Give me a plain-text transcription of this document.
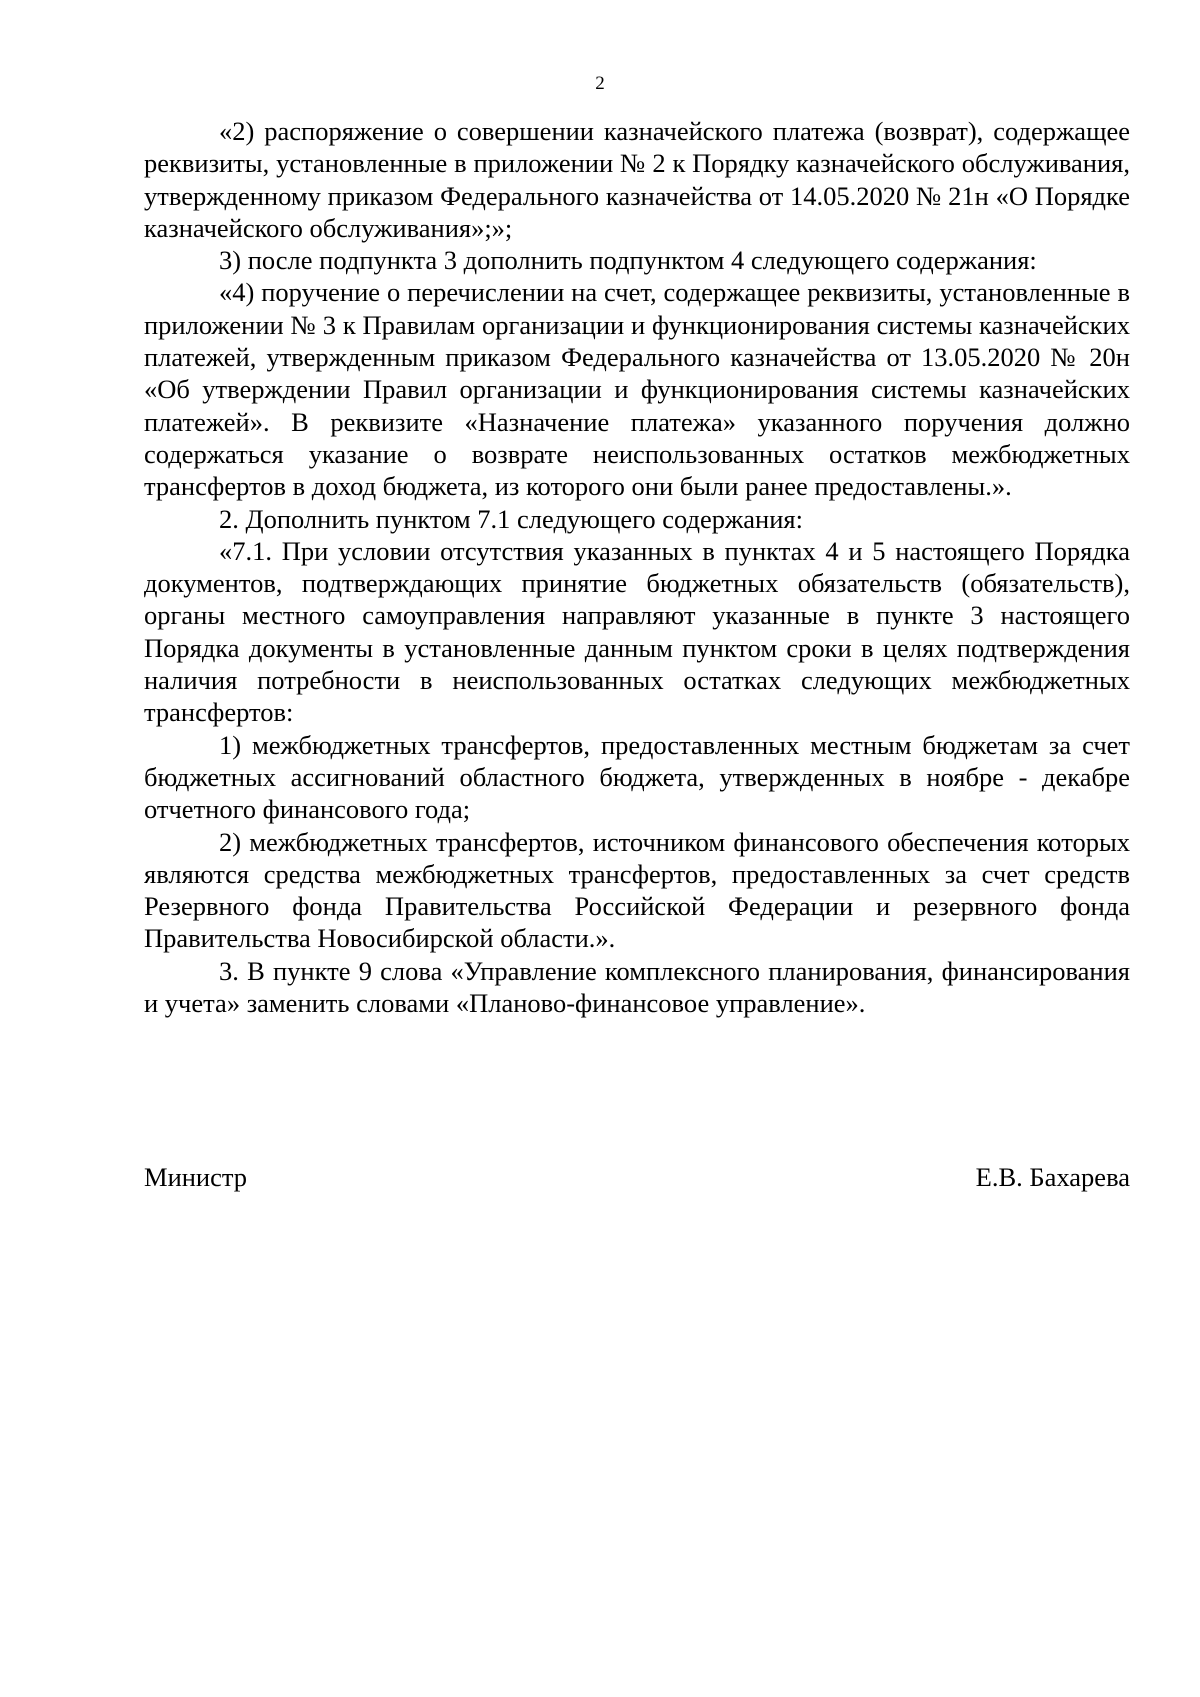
2

«2) распоряжение о совершении казначейского платежа (возврат), содержащее реквизиты, установленные в приложении № 2 к Порядку казначейского обслуживания, утвержденному приказом Федерального казначейства от 14.05.2020 № 21н «О Порядке казначейского обслуживания»;»;

3) после подпункта 3 дополнить подпунктом 4 следующего содержания:

«4) поручение о перечислении на счет, содержащее реквизиты, установленные в приложении № 3 к Правилам организации и функционирования системы казначейских платежей, утвержденным приказом Федерального казначейства от 13.05.2020 № 20н «Об утверждении Правил организации и функционирования системы казначейских платежей». В реквизите «Назначение платежа» указанного поручения должно содержаться указание о возврате неиспользованных остатков межбюджетных трансфертов в доход бюджета, из которого они были ранее предоставлены.».

2. Дополнить пунктом 7.1 следующего содержания:

«7.1. При условии отсутствия указанных в пунктах 4 и 5 настоящего Порядка документов, подтверждающих принятие бюджетных обязательств (обязательств), органы местного самоуправления направляют указанные в пункте 3 настоящего Порядка документы в установленные данным пунктом сроки в целях подтверждения наличия потребности в неиспользованных остатках следующих межбюджетных трансфертов:

1) межбюджетных трансфертов, предоставленных местным бюджетам за счет бюджетных ассигнований областного бюджета, утвержденных в ноябре - декабре отчетного финансового года;

2) межбюджетных трансфертов, источником финансового обеспечения которых являются средства межбюджетных трансфертов, предоставленных за счет средств Резервного фонда Правительства Российской Федерации и резервного фонда Правительства Новосибирской области.».

3. В пункте 9 слова «Управление комплексного планирования, финансирования и учета» заменить словами «Планово-финансовое управление».

Министр	Е.В. Бахарева
